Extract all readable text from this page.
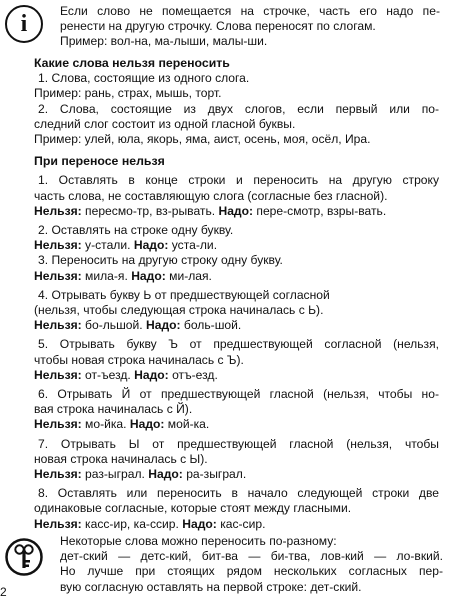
i	Если слово не помещается на строчке, часть его надо пе-
ренести на другую строчку. Слова переносят по слогам.
Пример: вол-на, ма-лыши, малы-ши.
Какие слова нельзя переносить
1. Слова, состоящие из одного слога.
Пример: рань, страх, мышь, торт.
2. Слова, состоящие из двух слогов, если первый или по-
следний слог состоит из одной гласной буквы.
Пример: улей, юла, якорь, яма, аист, осень, моя, осёл, Ира.
При переносе нельзя
1. Оставлять в конце строки и переносить на другую строку
часть слова, не составляющую слога (согласные без гласной).
Нельзя: пересмо-тр, вз-рывать. Надо: пере-смотр, взры-вать.
2. Оставлять на строке одну букву.
Нельзя: у-стали. Надо: уста-ли.
3. Переносить на другую строку одну букву.
Нельзя: мила-я. Надо: ми-лая.
4. Отрывать букву Ь от предшествующей согласной
(нельзя, чтобы следующая строка начиналась с Ь).
Нельзя: бо-льшой. Надо: боль-шой.
5. Отрывать букву Ъ от предшествующей согласной (нельзя,
чтобы новая строка начиналась с Ъ).
Нельзя: от-ъезд. Надо: отъ-езд.
6. Отрывать Й от предшествующей гласной (нельзя, чтобы но-
вая строка начиналась с Й).
Нельзя: мо-йка. Надо: мой-ка.
7. Отрывать Ы от предшествующей гласной (нельзя, чтобы
новая строка начиналась с Ы).
Нельзя: раз-ыграл. Надо: ра-зыграл.
8. Оставлять или переносить в начало следующей строки две
одинаковые согласные, которые стоят между гласными.
Нельзя: касс-ир, ка-ссир. Надо: кас-сир.
Некоторые слова можно переносить по-разному:
дет-ский — детс-кий, бит-ва — би-тва, лов-кий — ло-вкий.
Но лучше при стоящих рядом нескольких согласных пер-
вую согласную оставлять на первой строке: дет-ский.
2
